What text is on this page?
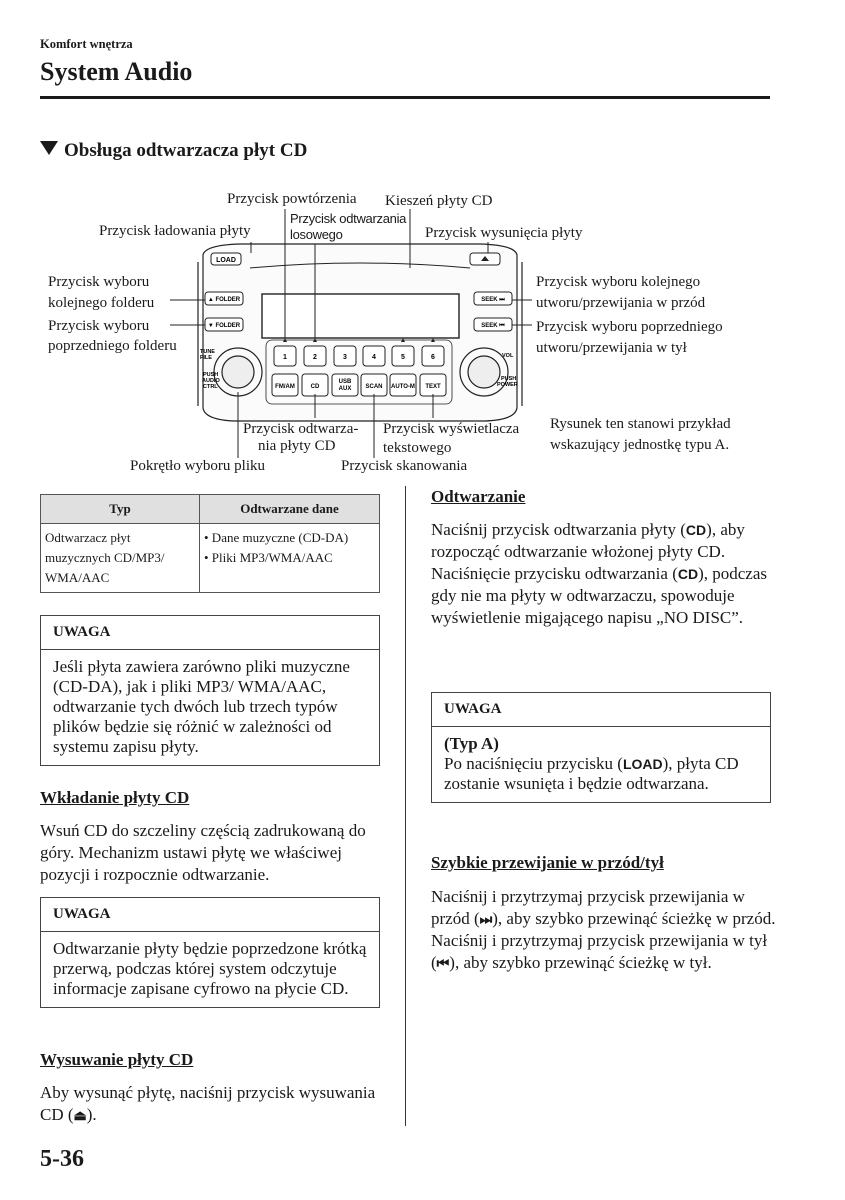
Komfort wnętrza
System Audio
Obsługa odtwarzacza płyt CD
LOAD
▲ FOLDER
▼ FOLDER
SEEK ⏭
SEEK ⏮
TUNE
FILE
PUSH
AUDIO
CTRL
VOL
PUSH
POWER
1	2	3	4	5	6
FM/AM	CD
USB
AUX SCAN AUTO-M TEXT
Przycisk powtórzenia
Przycisk odtwarzania
losowego
Kieszeń płyty CD
Przycisk ładowania płyty	Przycisk wysunięcia płyty
Przycisk wyboru
kolejnego folderu
Przycisk wyboru
poprzedniego folderu
Przycisk wyboru kolejnego
utworu/przewijania w przód
Przycisk wyboru poprzedniego
utworu/przewijania w tył
Przycisk odtwarza-
nia płyty CD
Przycisk wyświetlacza
tekstowego
Pokrętło wyboru pliku	Przycisk skanowania
Rysunek ten stanowi przykład
wskazujący jednostkę typu A.
Typ	Odtwarzane dane
Odtwarzacz płyt muzycznych CD/MP3/ WMA/AAC	• Dane muzyczne (CD-DA)
• Pliki MP3/WMA/AAC
UWAGA
Jeśli płyta zawiera zarówno pliki muzyczne (CD-DA), jak i pliki MP3/ WMA/AAC, odtwarzanie tych dwóch lub trzech typów plików będzie się różnić w zależności od systemu zapisu płyty.
Wkładanie płyty CD
Wsuń CD do szczeliny częścią zadrukowaną do góry. Mechanizm ustawi płytę we właściwej pozycji i rozpocznie odtwarzanie.
UWAGA
Odtwarzanie płyty będzie poprzedzone krótką przerwą, podczas której system odczytuje informacje zapisane cyfrowo na płycie CD.
Wysuwanie płyty CD
Aby wysunąć płytę, naciśnij przycisk wysuwania CD (⏏).
Odtwarzanie
Naciśnij przycisk odtwarzania płyty (CD), aby rozpocząć odtwarzanie włożonej płyty CD. Naciśnięcie przycisku odtwarzania (CD), podczas gdy nie ma płyty w odtwarzaczu, spowoduje wyświetlenie migającego napisu „NO DISC”.
UWAGA
(Typ A)
Po naciśnięciu przycisku (LOAD), płyta CD zostanie wsunięta i będzie odtwarzana.
Szybkie przewijanie w przód/tył
Naciśnij i przytrzymaj przycisk przewijania w przód (⏭), aby szybko przewinąć ścieżkę w przód. Naciśnij i przytrzymaj przycisk przewijania w tył (⏮), aby szybko przewinąć ścieżkę w tył.
5-36
